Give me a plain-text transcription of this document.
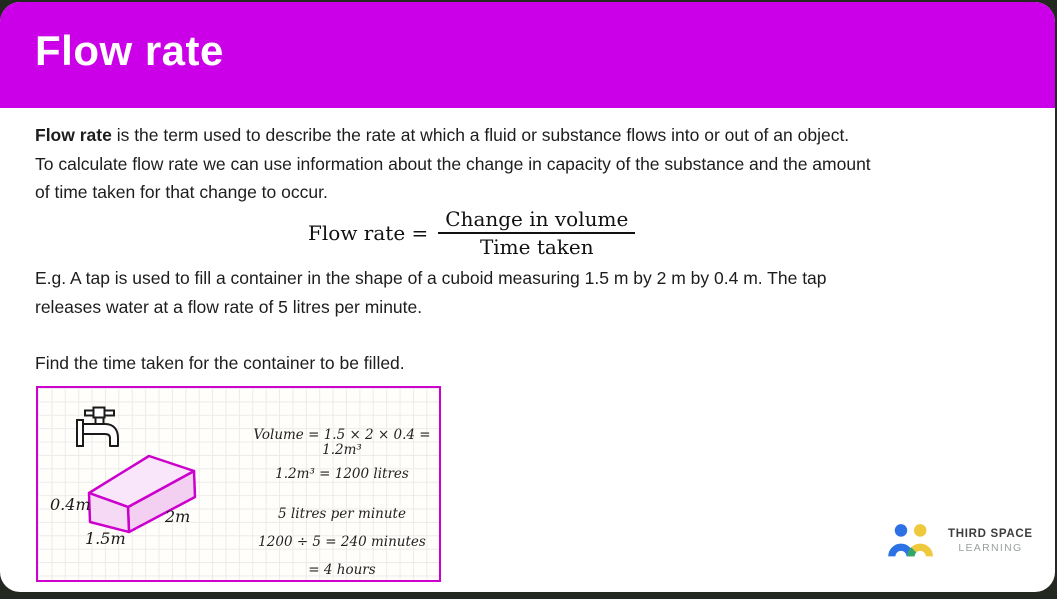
Flow rate
Flow rate is the term used to describe the rate at which a fluid or substance flows into or out of an object.
To calculate flow rate we can use information about the change in capacity of the substance and the amount
of time taken for that change to occur.
Flow rate = $\frac{\text{Change in volume}}{\text{Time taken}}$
E.g. A tap is used to fill a container in the shape of a cuboid measuring 1.5 m by 2 m by 0.4 m. The tap
releases water at a flow rate of 5 litres per minute.
Find the time taken for the container to be filled.
0.4m
1.5m
2m
Volume = 1.5 × 2 × 0.4 = 1.2m³
1.2m³ = 1200 litres
5 litres per minute
1200 ÷ 5 = 240 minutes
= 4 hours
THIRD SPACE
LEARNING
